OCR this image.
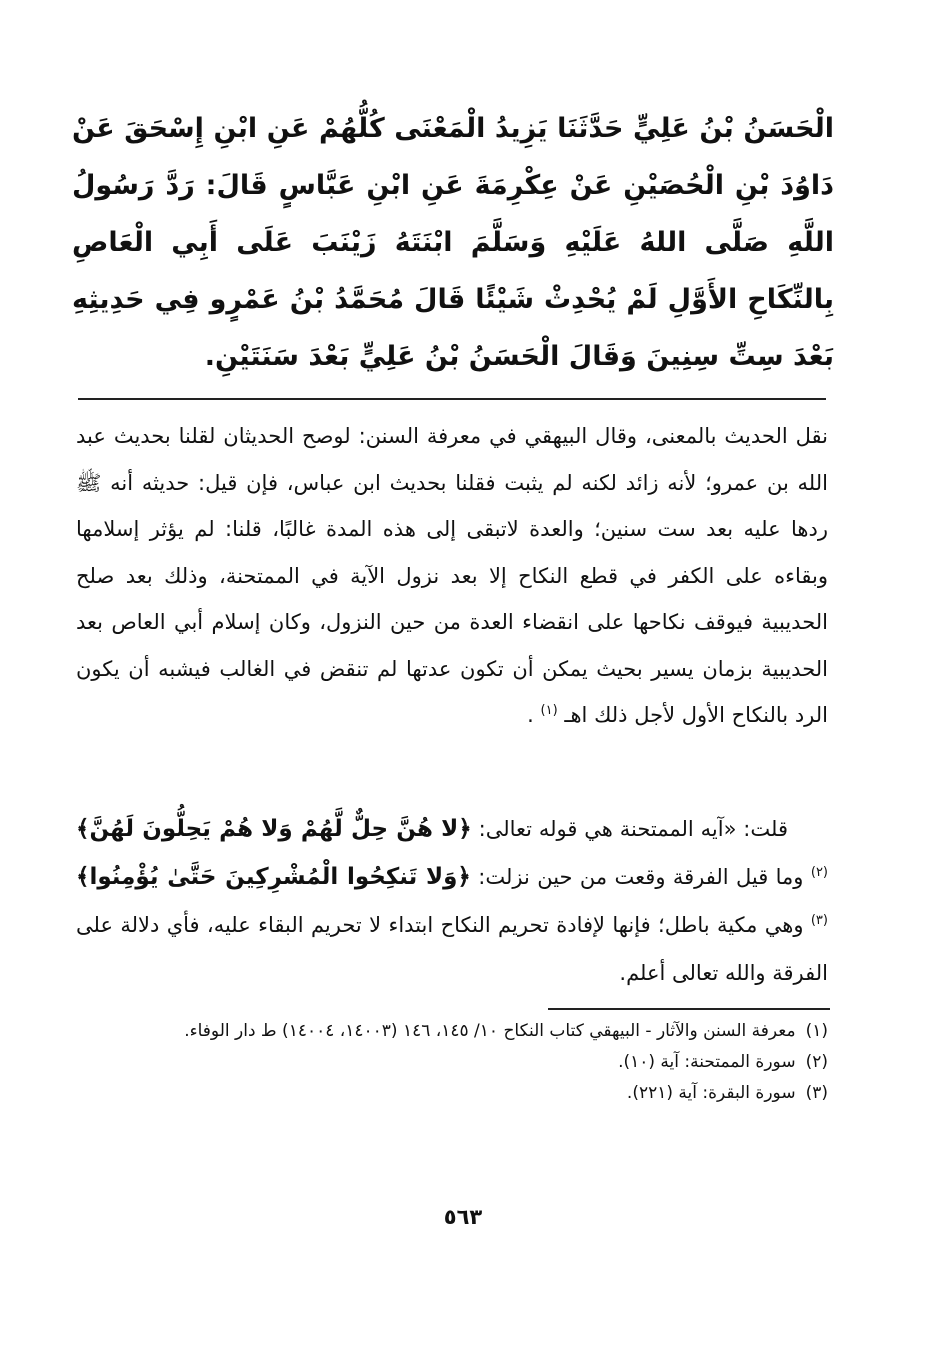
الْحَسَنُ بْنُ عَلِيٍّ حَدَّثَنَا يَزِيدُ الْمَعْنَى كُلُّهُمْ عَنِ ابْنِ إِسْحَقَ عَنْ دَاوُدَ بْنِ الْحُصَيْنِ عَنْ عِكْرِمَةَ عَنِ ابْنِ عَبَّاسٍ قَالَ: رَدَّ رَسُولُ اللَّهِ صَلَّى اللهُ عَلَيْهِ وَسَلَّمَ ابْنَتَهُ زَيْنَبَ عَلَى أَبِي الْعَاصِ بِالنِّكَاحِ الأَوَّلِ لَمْ يُحْدِثْ شَيْئًا قَالَ مُحَمَّدُ بْنُ عَمْرٍو فِي حَدِيثِهِ بَعْدَ سِتِّ سِنِينَ وَقَالَ الْحَسَنُ بْنُ عَلِيٍّ بَعْدَ سَنَتَيْنِ.

نقل الحديث بالمعنى، وقال البيهقي في معرفة السنن: لوصح الحديثان لقلنا بحديث عبد الله بن عمرو؛ لأنه زائد لكنه لم يثبت فقلنا بحديث ابن عباس، فإن قيل: حديثه أنه ﷺ ردها عليه بعد ست سنين؛ والعدة لاتبقى إلى هذه المدة غالبًا، قلنا: لم يؤثر إسلامها وبقاءه على الكفر في قطع النكاح إلا بعد نزول الآية في الممتحنة، وذلك بعد صلح الحديبية فيوقف نكاحها على انقضاء العدة من حين النزول، وكان إسلام أبي العاص بعد الحديبية بزمان يسير بحيث يمكن أن تكون عدتها لم تنقض في الغالب فيشبه أن يكون الرد بالنكاح الأول لأجل ذلك اهـ $^{(١)}$ .

قلت: «آيه الممتحنة هي قوله تعالى: ﴿لا هُنَّ حِلٌّ لَّهُمْ وَلا هُمْ يَحِلُّونَ لَهُنَّ﴾ $^{(٢)}$ وما قيل الفرقة وقعت من حين نزلت: ﴿وَلا تَنكِحُوا الْمُشْرِكِينَ حَتَّىٰ يُؤْمِنُوا﴾ $^{(٣)}$ وهي مكية باطل؛ فإنها لإفادة تحريم النكاح ابتداء لا تحريم البقاء عليه، فأي دلالة على الفرقة والله تعالى أعلم.

(١)
معرفة السنن والآثار - البيهقي كتاب النكاح ١٠/ ١٤٥، ١٤٦ (١٤٠٠٣، ١٤٠٠٤) ط دار الوفاء.
(٢)
سورة الممتحنة: آية (١٠).
(٣)
سورة البقرة: آية (٢٢١).
٥٦٣
